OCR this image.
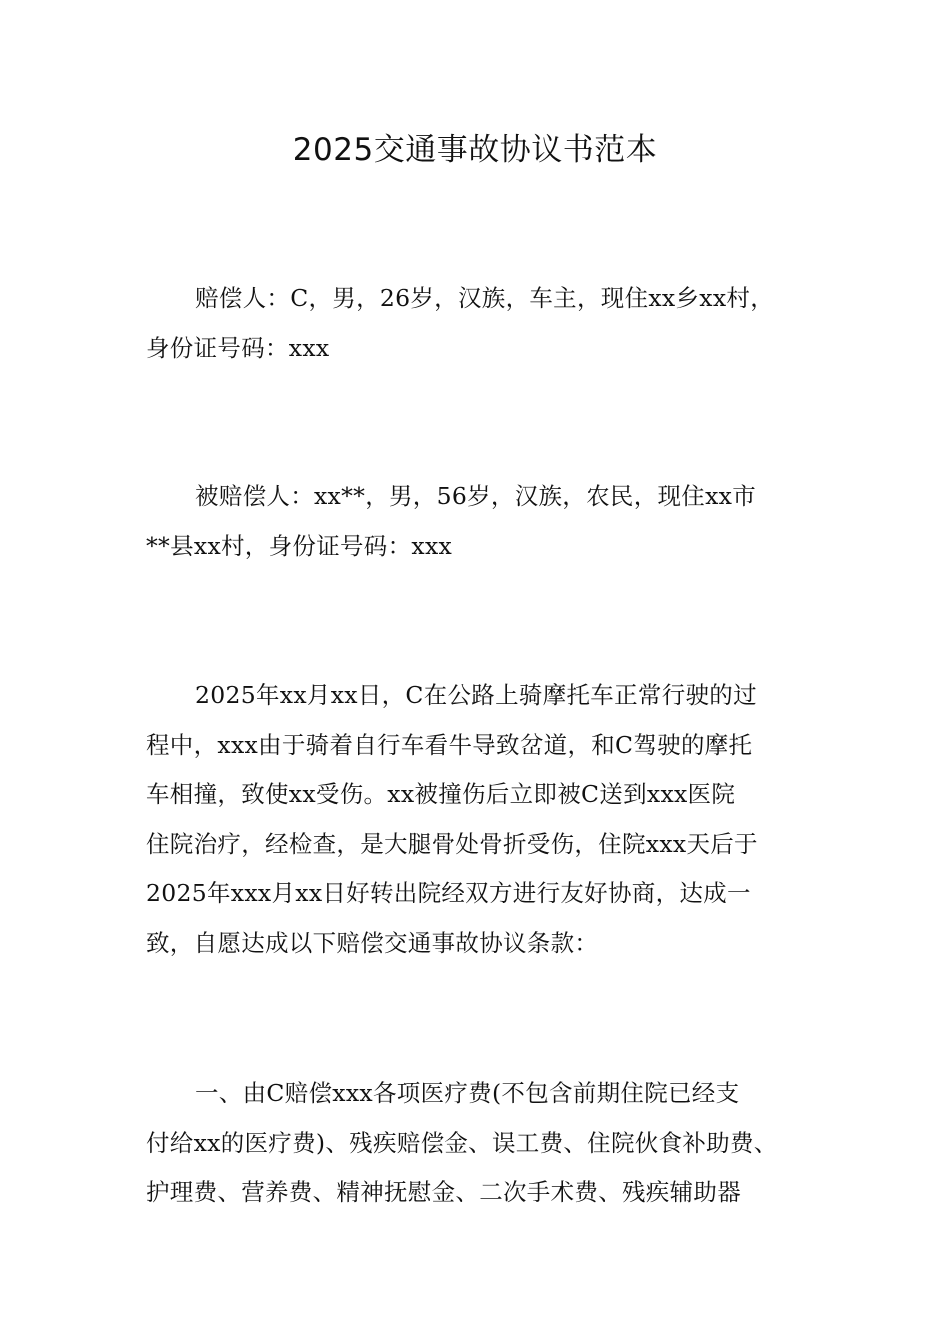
2025交通事故协议书范本
赔偿人：C，男，26岁，汉族，车主，现住xx乡xx村，
身份证号码：xxx
被赔偿人：xx**，男，56岁，汉族，农民，现住xx市
**县xx村，身份证号码：xxx
2025年xx月xx日，C在公路上骑摩托车正常行驶的过
程中，xxx由于骑着自行车看牛导致岔道，和C驾驶的摩托
车相撞，致使xx受伤。xx被撞伤后立即被C送到xxx医院
住院治疗，经检查，是大腿骨处骨折受伤，住院xxx天后于
2025年xxx月xx日好转出院经双方进行友好协商，达成一
致，自愿达成以下赔偿交通事故协议条款：
一、由C赔偿xxx各项医疗费(不包含前期住院已经支
付给xx的医疗费)、残疾赔偿金、误工费、住院伙食补助费、
护理费、营养费、精神抚慰金、二次手术费、残疾辅助器
